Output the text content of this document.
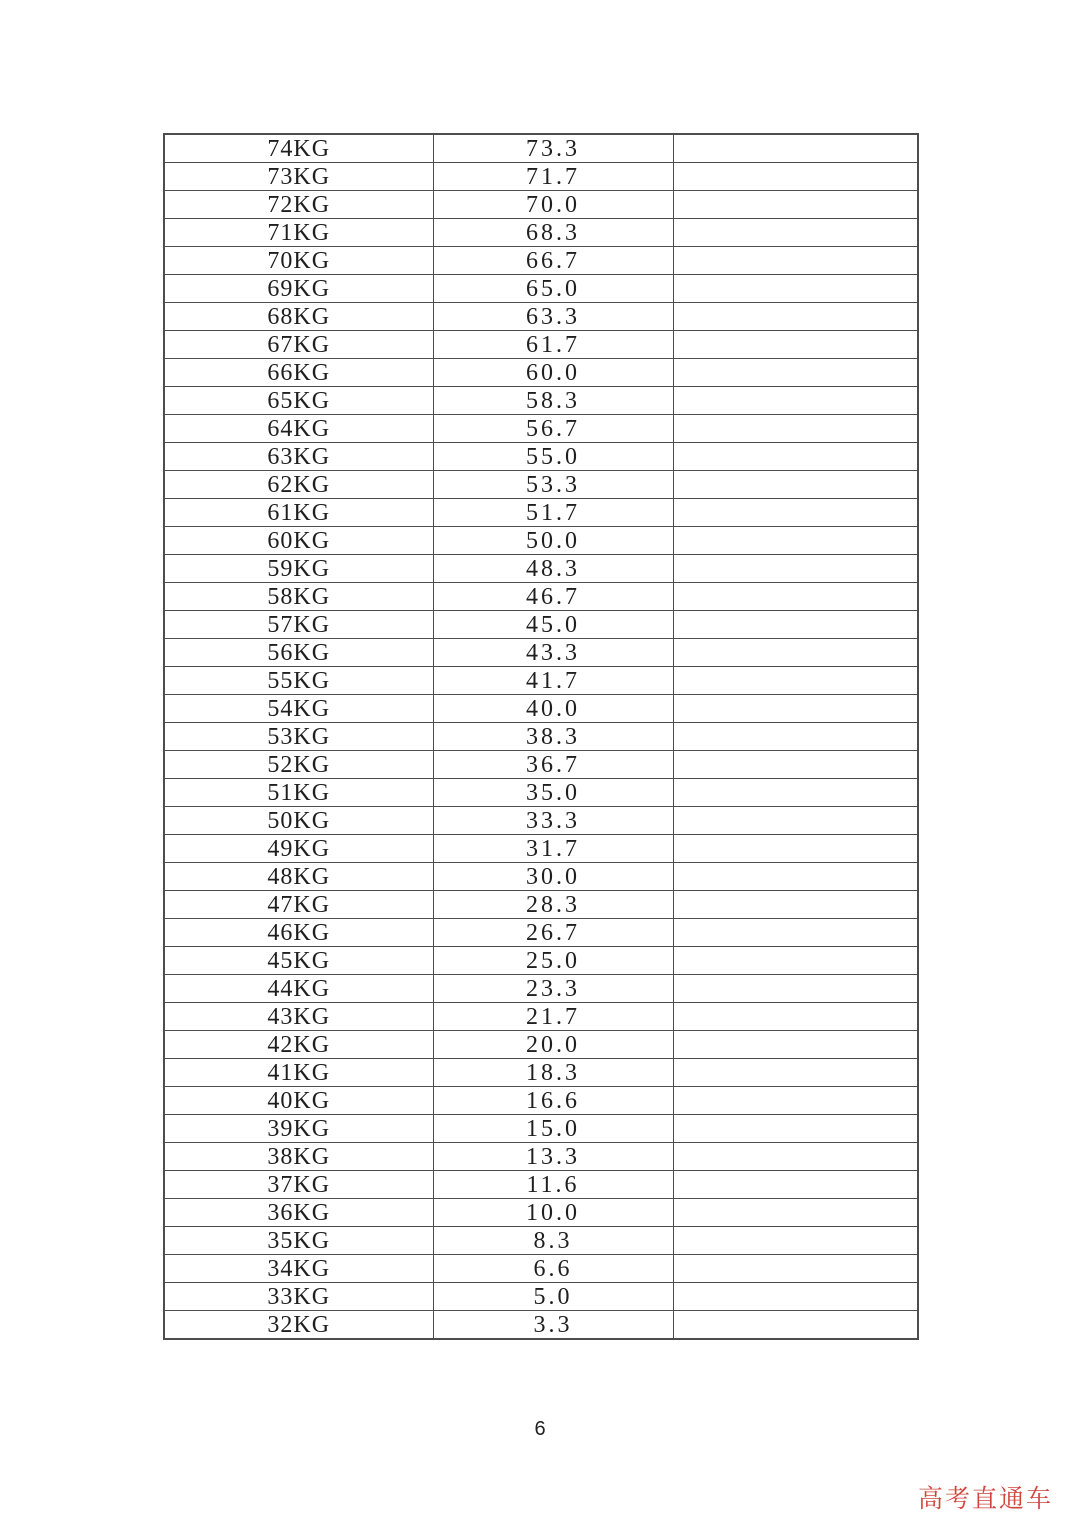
74KG	73.3	
73KG	71.7	
72KG	70.0	
71KG	68.3	
70KG	66.7	
69KG	65.0	
68KG	63.3	
67KG	61.7	
66KG	60.0	
65KG	58.3	
64KG	56.7	
63KG	55.0	
62KG	53.3	
61KG	51.7	
60KG	50.0	
59KG	48.3	
58KG	46.7	
57KG	45.0	
56KG	43.3	
55KG	41.7	
54KG	40.0	
53KG	38.3	
52KG	36.7	
51KG	35.0	
50KG	33.3	
49KG	31.7	
48KG	30.0	
47KG	28.3	
46KG	26.7	
45KG	25.0	
44KG	23.3	
43KG	21.7	
42KG	20.0	
41KG	18.3	
40KG	16.6	
39KG	15.0	
38KG	13.3	
37KG	11.6	
36KG	10.0	
35KG	8.3	
34KG	6.6	
33KG	5.0	
32KG	3.3	
6
高考直通车
